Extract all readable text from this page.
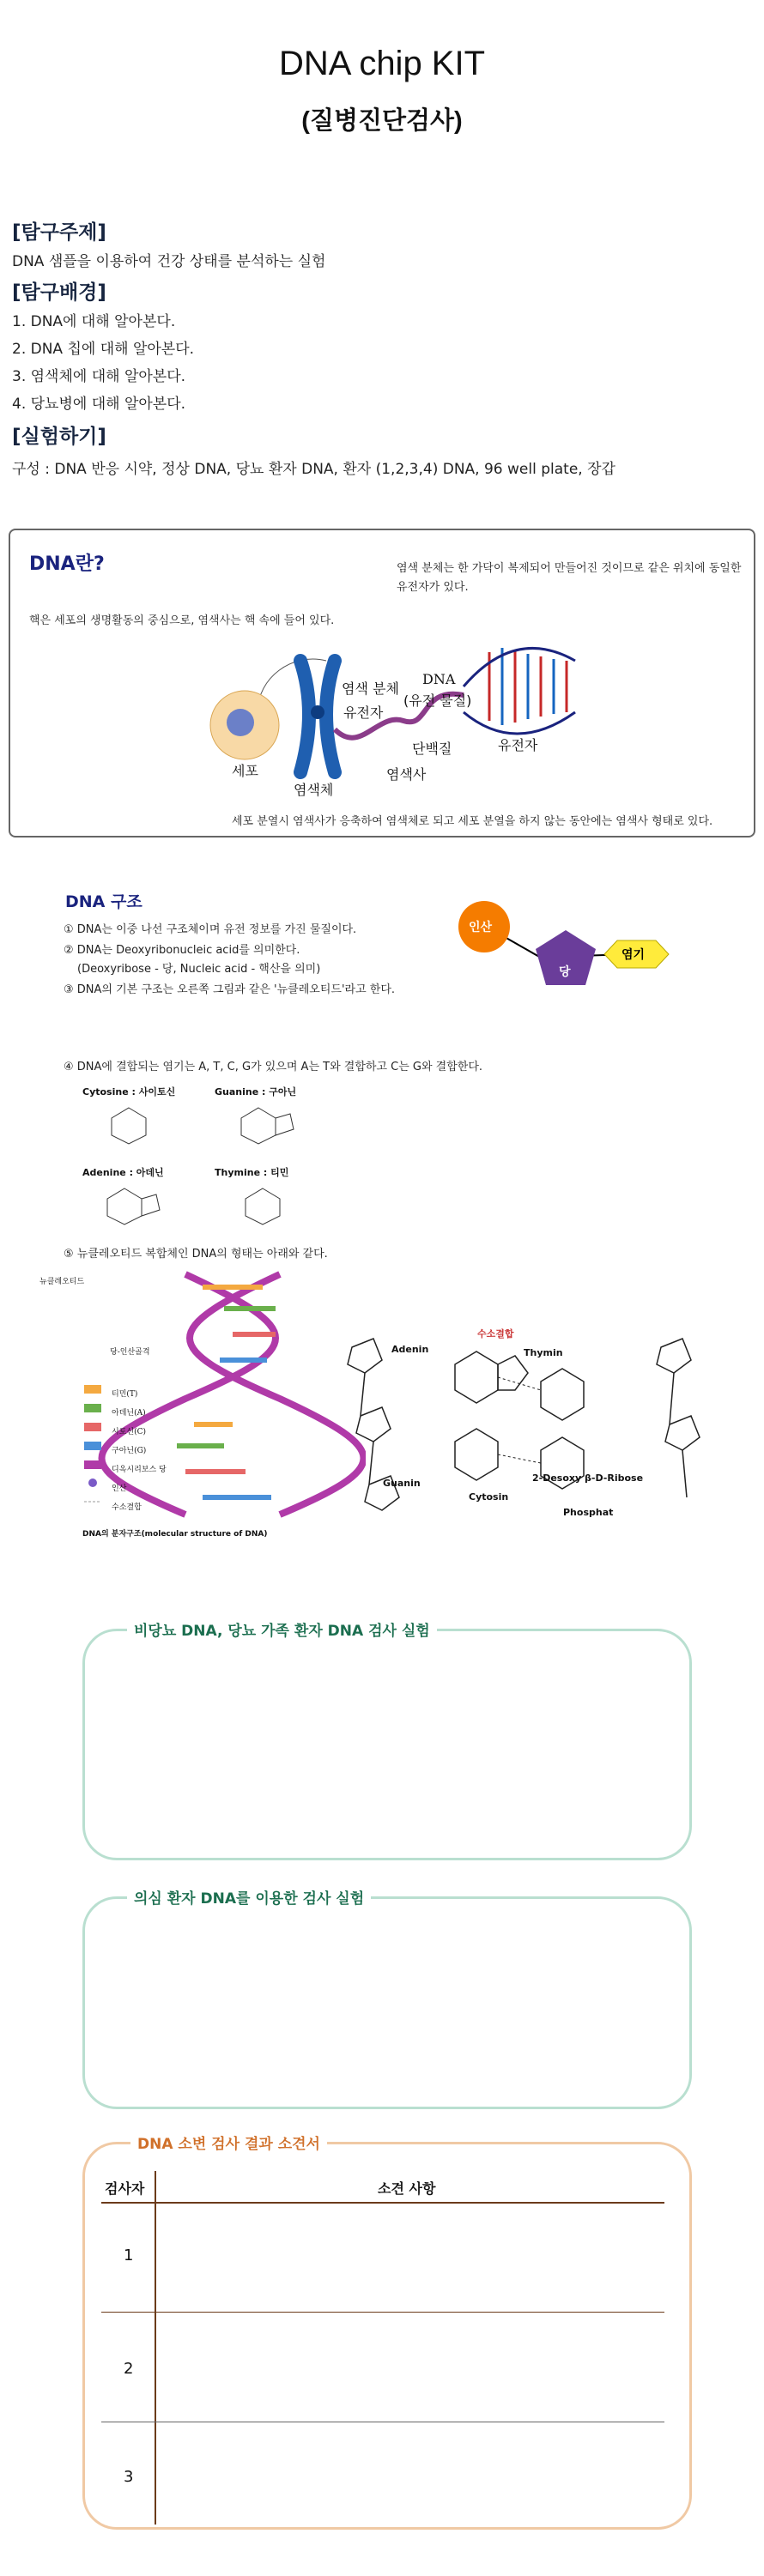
DNA chip KIT
(질병진단검사)
[탐구주제]
DNA 샘플을 이용하여 건강 상태를 분석하는 실험
[탐구배경]
1. DNA에 대해 알아본다.
2. DNA 칩에 대해 알아본다.
3. 염색체에 대해 알아본다.
4. 당뇨병에 대해 알아본다.
[실험하기]
구성 : DNA 반응 시약, 정상 DNA, 당뇨 환자 DNA, 환자 (1,2,3,4) DNA, 96 well plate, 장갑
DNA란?	염색 분체는 한 가닥이 복제되어 만들어진 것이므로 같은 위치에 동일한 유전자가 있다.
핵은 세포의 생명활동의 중심으로, 염색사는 핵 속에 들어 있다.
세포 분열시 염색사가 응축하여 염색체로 되고 세포 분열을 하지 않는 동안에는 염색사 형태로 있다.
염색 분체
유전자
DNA
(유전 물질)
단백질	유전자
세포
염색체
염색사
DNA 구조
① DNA는 이중 나선 구조체이며 유전 정보를 가진 물질이다.
② DNA는 Deoxyribonucleic acid를 의미한다.
(Deoxyribose - 당, Nucleic acid - 핵산을 의미)
③ DNA의 기본 구조는 오른쪽 그림과 같은 '뉴클레오티드'라고 한다.
인산
당
염기
④ DNA에 결합되는 염기는 A, T, C, G가 있으며 A는 T와 결합하고 C는 G와 결합한다.
Cytosine : 사이토신	Guanine : 구아닌
Adenine : 아데닌	Thymine : 티민
⑤ 뉴클레오티드 복합체인 DNA의 형태는 아래와 같다.
뉴클레오티드
당-인산골격
티민(T)
아데닌(A)
시토신(C)
구아닌(G)
디옥시리보스 당
인산
수소결합
DNA의 분자구조(molecular structure of DNA)
수소결합
Adenin	Thymin
Guanin
Cytosin
2-Desoxy β-D-Ribose
Phosphat
비당뇨 DNA, 당뇨 가족 환자 DNA 검사 실험
의심 환자 DNA를 이용한 검사 실험
DNA 소변 검사 결과 소견서
검사자	소견 사항
1
2
3
